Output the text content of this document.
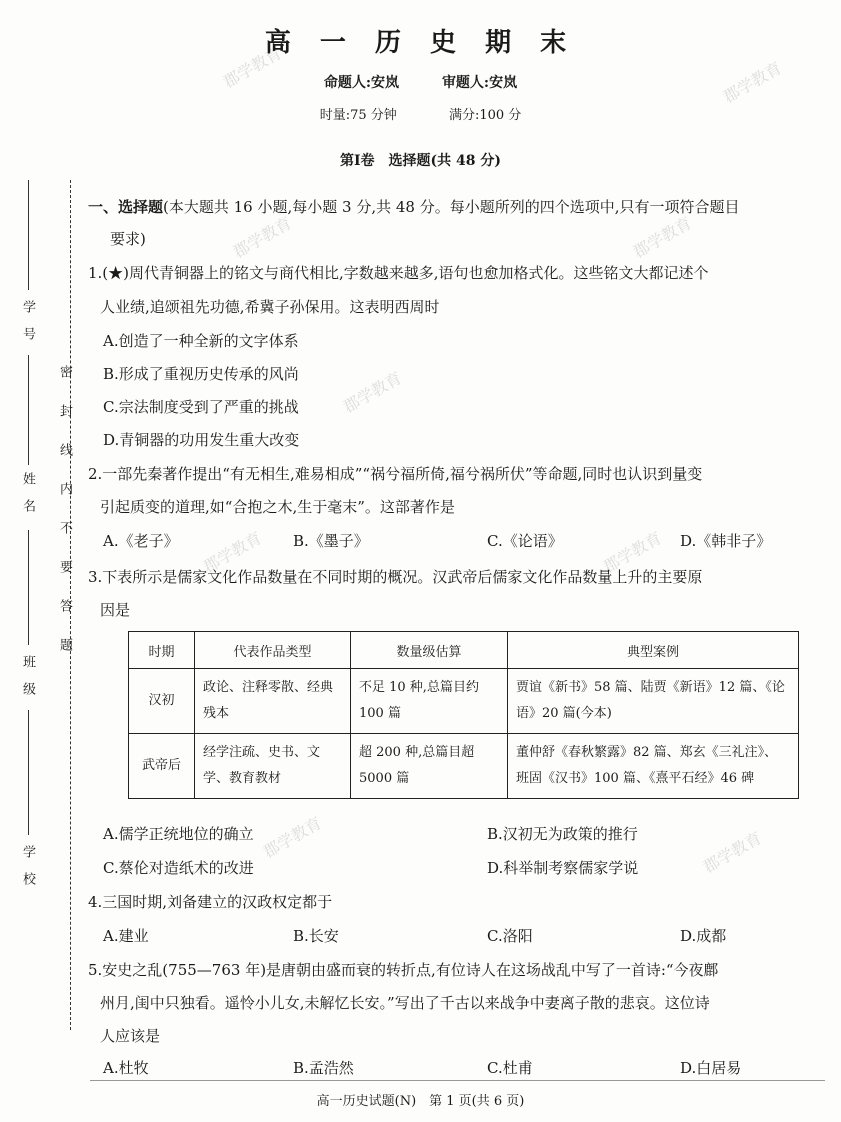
郡学教育	郡学教育
郡学教育	郡学教育
郡学教育
郡学教育	郡学教育
郡学教育	郡学教育
密封线内不要答题
学号
姓名
班级
学校
高 一 历 史 期 末
命题人:安岚	审题人:安岚
时量:75 分钟	满分:100 分
第Ⅰ卷　选择题(共 48 分)
一、选择题(本大题共 16 小题,每小题 3 分,共 48 分。每小题所列的四个选项中,只有一项符合题目
要求)
1.(★)周代青铜器上的铭文与商代相比,字数越来越多,语句也愈加格式化。这些铭文大都记述个
人业绩,追颂祖先功德,希冀子孙保用。这表明西周时
A.创造了一种全新的文字体系
B.形成了重视历史传承的风尚
C.宗法制度受到了严重的挑战
D.青铜器的功用发生重大改变
2.一部先秦著作提出“有无相生,难易相成”“祸兮福所倚,福兮祸所伏”等命题,同时也认识到量变
引起质变的道理,如“合抱之木,生于毫末”。这部著作是
A.《老子》	B.《墨子》	C.《论语》	D.《韩非子》
3.下表所示是儒家文化作品数量在不同时期的概况。汉武帝后儒家文化作品数量上升的主要原
因是
时期	代表作品类型	数量级估算	典型案例
汉初	政论、注释零散、经典残本	不足 10 种,总篇目约 100 篇	贾谊《新书》58 篇、陆贾《新语》12 篇、《论语》20 篇(今本)
武帝后	经学注疏、史书、文学、教育教材	超 200 种,总篇目超 5000 篇	董仲舒《春秋繁露》82 篇、郑玄《三礼注》、班固《汉书》100 篇、《熹平石经》46 碑
A.儒学正统地位的确立	B.汉初无为政策的推行
C.蔡伦对造纸术的改进	D.科举制考察儒家学说
4.三国时期,刘备建立的汉政权定都于
A.建业	B.长安	C.洛阳	D.成都
5.安史之乱(755—763 年)是唐朝由盛而衰的转折点,有位诗人在这场战乱中写了一首诗:“今夜鄜
州月,闺中只独看。遥怜小儿女,未解忆长安。”写出了千古以来战争中妻离子散的悲哀。这位诗
人应该是
A.杜牧	B.孟浩然	C.杜甫	D.白居易
高一历史试题(N)　第 1 页(共 6 页)
